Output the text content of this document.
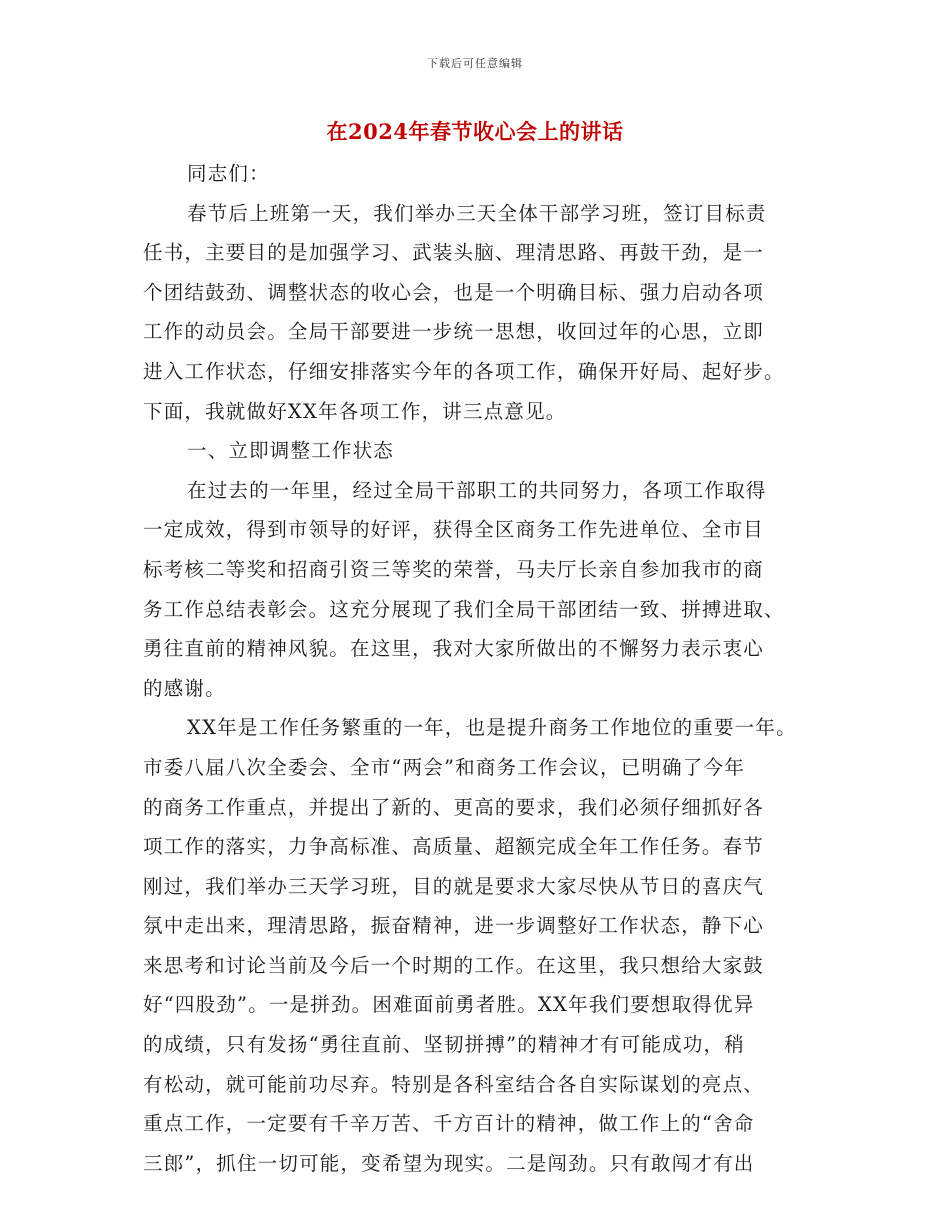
下载后可任意编辑
在2024年春节收心会上的讲话
同志们：
春节后上班第一天，我们举办三天全体干部学习班，签订目标责
任书，主要目的是加强学习、武装头脑、理清思路、再鼓干劲，是一
个团结鼓劲、调整状态的收心会，也是一个明确目标、强力启动各项
工作的动员会。全局干部要进一步统一思想，收回过年的心思，立即
进入工作状态，仔细安排落实今年的各项工作，确保开好局、起好步。
下面，我就做好XX年各项工作，讲三点意见。
一、立即调整工作状态
在过去的一年里，经过全局干部职工的共同努力，各项工作取得
一定成效，得到市领导的好评，获得全区商务工作先进单位、全市目
标考核二等奖和招商引资三等奖的荣誉，马夫厅长亲自参加我市的商
务工作总结表彰会。这充分展现了我们全局干部团结一致、拼搏进取、
勇往直前的精神风貌。在这里，我对大家所做出的不懈努力表示衷心
的感谢。
XX年是工作任务繁重的一年，也是提升商务工作地位的重要一年。
市委八届八次全委会、全市“两会”和商务工作会议，已明确了今年
的商务工作重点，并提出了新的、更高的要求，我们必须仔细抓好各
项工作的落实，力争高标准、高质量、超额完成全年工作任务。春节
刚过，我们举办三天学习班，目的就是要求大家尽快从节日的喜庆气
氛中走出来，理清思路，振奋精神，进一步调整好工作状态，静下心
来思考和讨论当前及今后一个时期的工作。在这里，我只想给大家鼓
好“四股劲”。一是拼劲。困难面前勇者胜。XX年我们要想取得优异
的成绩，只有发扬“勇往直前、坚韧拼搏”的精神才有可能成功，稍
有松动，就可能前功尽弃。特别是各科室结合各自实际谋划的亮点、
重点工作，一定要有千辛万苦、千方百计的精神，做工作上的“舍命
三郎”，抓住一切可能，变希望为现实。二是闯劲。只有敢闯才有出
